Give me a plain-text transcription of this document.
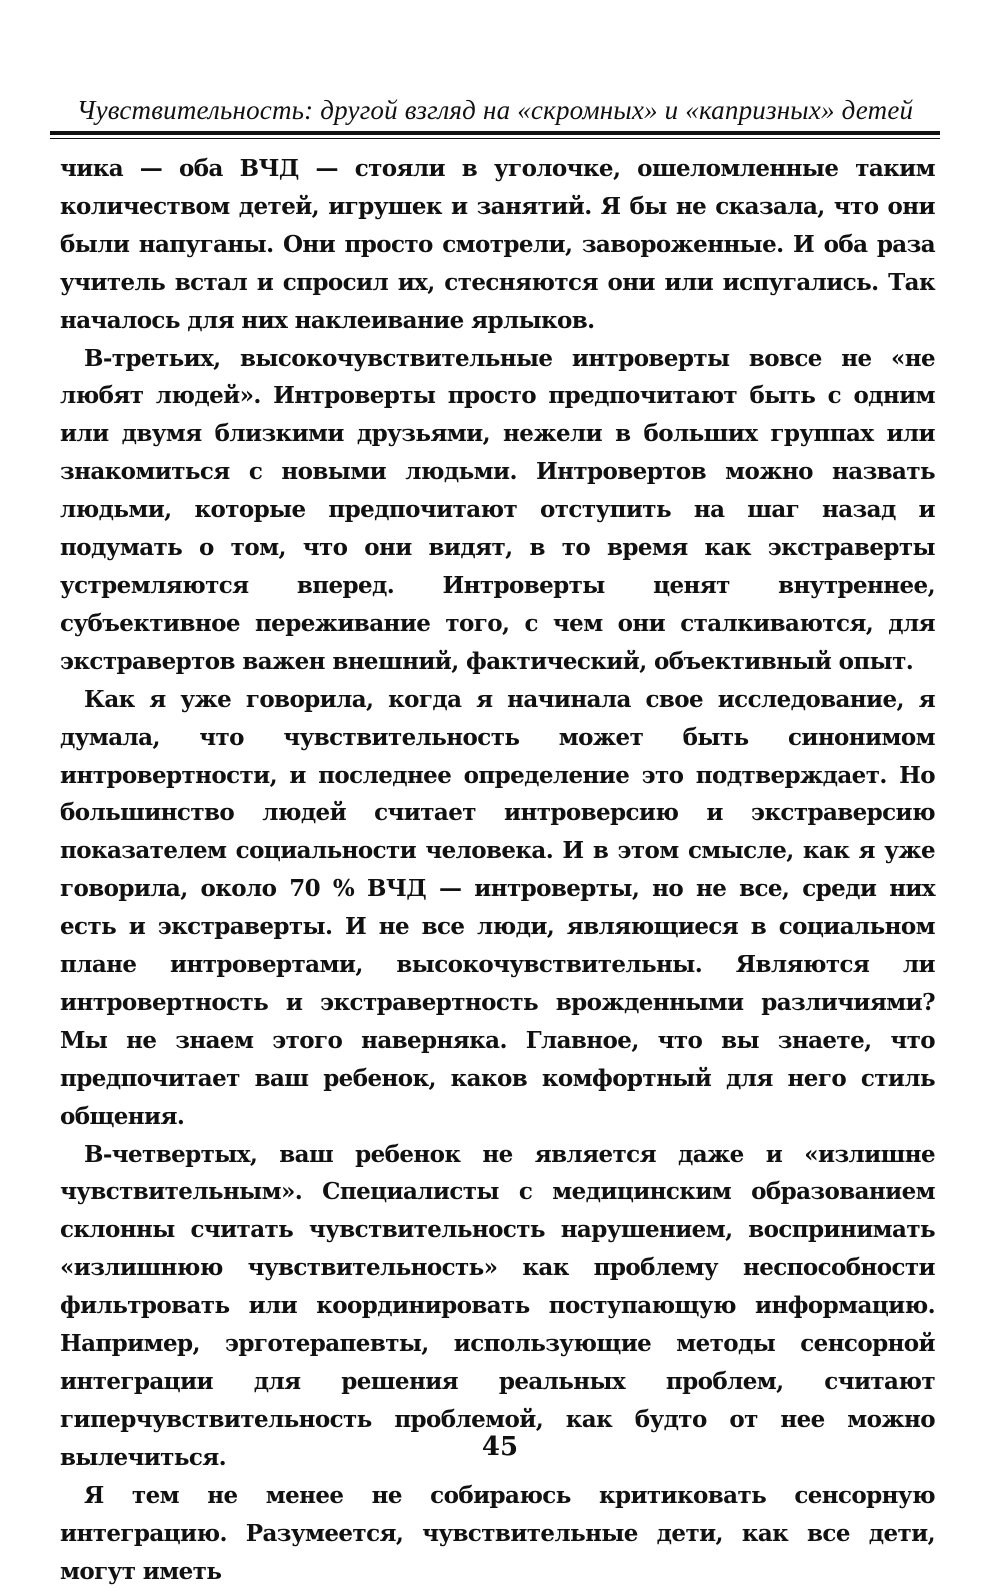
Чувствительность: другой взгляд на «скромных» и «капризных» детей

чика — оба ВЧД — стояли в уголочке, ошеломленные таким количеством детей, игрушек и занятий. Я бы не сказала, что они были напуганы. Они просто смотрели, завороженные. И оба раза учитель встал и спросил их, стесняются они или испугались. Так началось для них наклеивание ярлыков.

В-третьих, высокочувствительные интроверты вовсе не «не любят людей». Интроверты просто предпочитают быть с одним или двумя близкими друзьями, нежели в больших группах или знакомиться с новыми людьми. Интровертов можно назвать людьми, которые предпочитают отступить на шаг назад и подумать о том, что они видят, в то время как экстраверты устремляются вперед. Интроверты ценят внутреннее, субъективное переживание того, с чем они сталкиваются, для экстравертов важен внешний, фактический, объективный опыт.

Как я уже говорила, когда я начинала свое исследование, я думала, что чувствительность может быть синонимом интровертности, и последнее определение это подтверждает. Но большинство людей считает интроверсию и экстраверсию показателем социальности человека. И в этом смысле, как я уже говорила, около 70 % ВЧД — интроверты, но не все, среди них есть и экстраверты. И не все люди, являющиеся в социальном плане интровертами, высокочувствительны. Являются ли интровертность и экстравертность врожденными различиями? Мы не знаем этого наверняка. Главное, что вы знаете, что предпочитает ваш ребенок, каков комфортный для него стиль общения.

В-четвертых, ваш ребенок не является даже и «излишне чувствительным». Специалисты с медицинским образованием склонны считать чувствительность нарушением, воспринимать «излишнюю чувствительность» как проблему неспособности фильтровать или координировать поступающую информацию. Например, эрготерапевты, использующие методы сенсорной интеграции для решения реальных проблем, считают гиперчувствительность проблемой, как будто от нее можно вылечиться.

Я тем не менее не собираюсь критиковать сенсорную интеграцию. Разумеется, чувствительные дети, как все дети, могут иметь

45
